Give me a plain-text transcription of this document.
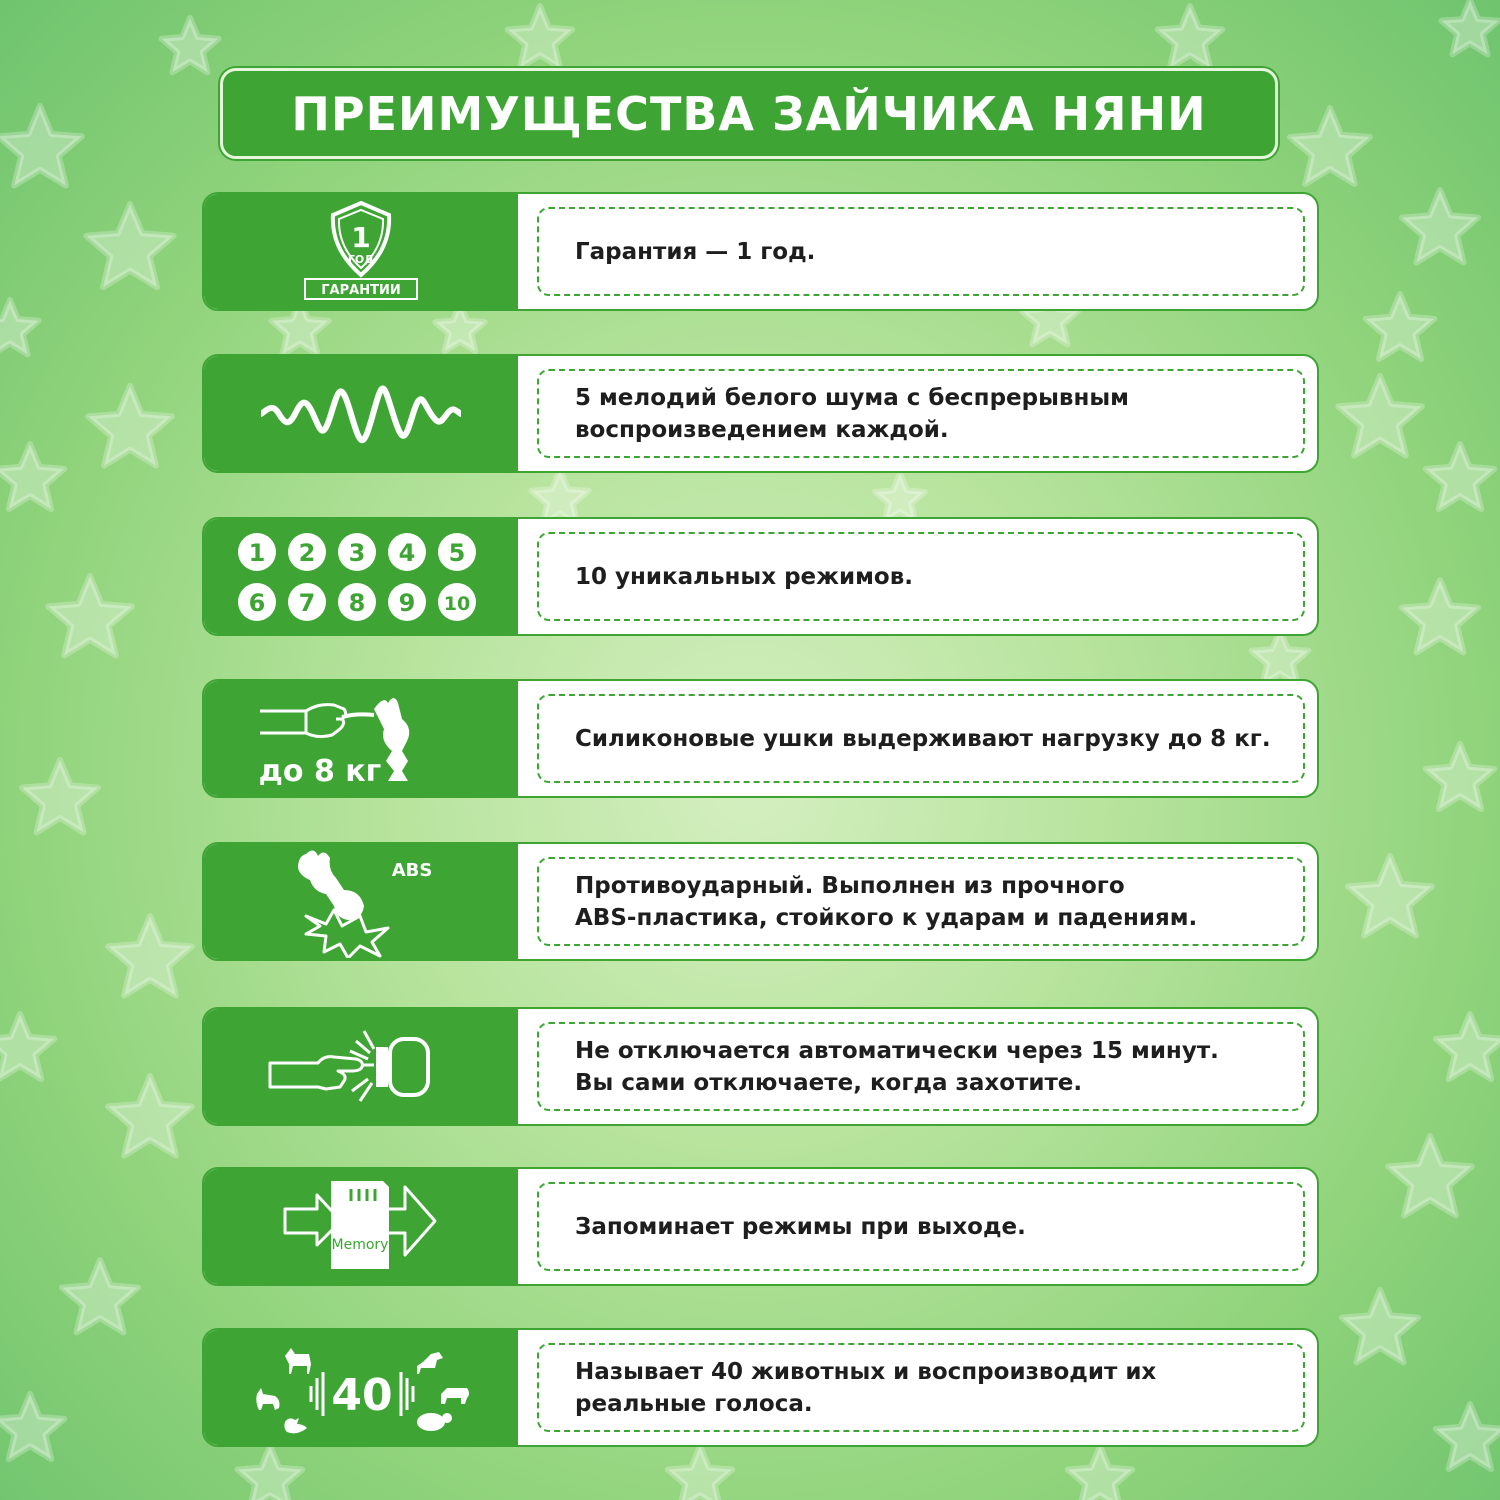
ПРЕИМУЩЕСТВА ЗАЙЧИКА НЯНИ
1
ГОД
ГАРАНТИИ
Гарантия — 1 год.
5 мелодий белого шума с беспрерывным
воспроизведением каждой.
1 2 3 4 5
6 7 8 9 10
10 уникальных режимов.
до 8 кг
Силиконовые ушки выдерживают нагрузку до 8 кг.
ABS
Противоударный. Выполнен из прочного
ABS-пластика, стойкого к ударам и падениям.
Не отключается автоматически через 15 минут.
Вы сами отключаете, когда захотите.
Memory
Запоминает режимы при выходе.
40	Называет 40 животных и воспроизводит их
реальные голоса.
